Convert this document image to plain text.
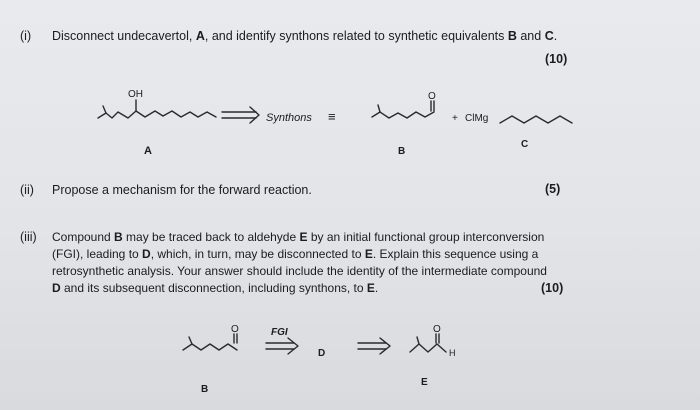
(i) Disconnect undecavertol, A, and identify synthons related to synthetic equivalents B and C.
(10)
(ii) Propose a mechanism for the forward reaction.	(5)
(iii) Compound B may be traced back to aldehyde E by an initial functional group interconversion
(FGI), leading to D, which, in turn, may be disconnected to E. Explain this sequence using a
retrosynthetic analysis. Your answer should include the identity of the intermediate compound
D and its subsequent disconnection, including synthons, to E.	(10)
OH
A
Synthons ≡
O
B
+ ClMg
C
O
B
FGI
D
O
H
E
